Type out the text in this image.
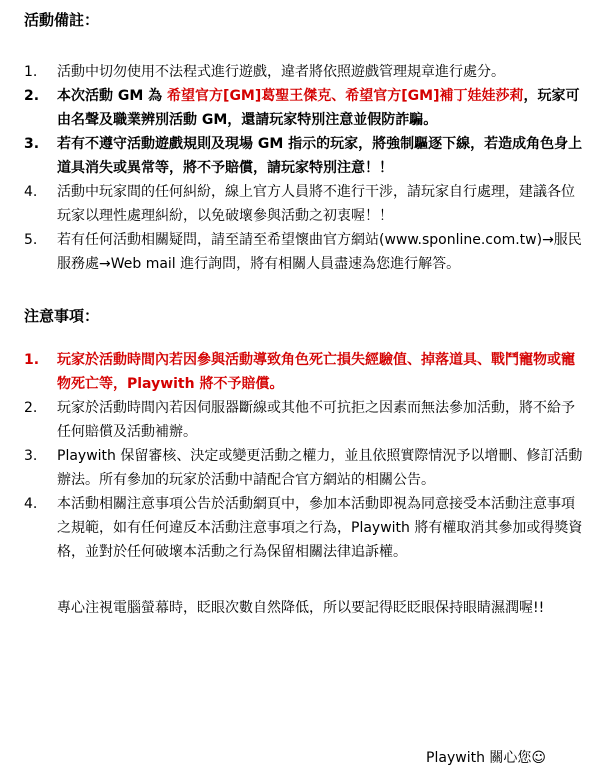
活動備註：
1.	活動中切勿使用不法程式進行遊戲，違者將依照遊戲管理規章進行處分。
2.	本次活動 GM 為 希望官方[GM]葛聖王傑克、希望官方[GM]補丁娃娃莎莉，玩家可由名聲及職業辨別活動 GM，還請玩家特別注意並假防詐騙。
3.	若有不遵守活動遊戲規則及現場 GM 指示的玩家，將強制驅逐下線，若造成角色身上道具消失或異常等，將不予賠償，請玩家特別注意！！
4.	活動中玩家間的任何糾紛，線上官方人員將不進行干涉，請玩家自行處理，建議各位玩家以理性處理糾紛，以免破壞參與活動之初衷喔！！
5.	若有任何活動相關疑問，請至請至希望懷曲官方網站(www.sponline.com.tw)→服民服務處→Web mail 進行詢問，將有相關人員盡速為您進行解答。
注意事項：
1.	玩家於活動時間內若因參與活動導致角色死亡損失經驗值、掉落道具、戰鬥寵物或寵物死亡等，Playwith 將不予賠償。
2.	玩家於活動時間內若因伺服器斷線或其他不可抗拒之因素而無法參加活動，將不給予任何賠償及活動補辦。
3.	Playwith 保留審核、決定或變更活動之權力，並且依照實際情況予以增刪、修訂活動辦法。所有參加的玩家於活動中請配合官方網站的相關公告。
4.	本活動相關注意事項公告於活動網頁中，參加本活動即視為同意接受本活動注意事項之規範，如有任何違反本活動注意事項之行為，Playwith 將有權取消其參加或得獎資格，並對於任何破壞本活動之行為保留相關法律追訴權。

專心注視電腦螢幕時，眨眼次數自然降低，所以要記得眨眨眼保持眼睛濕潤喔!!

Playwith 關心您☺
